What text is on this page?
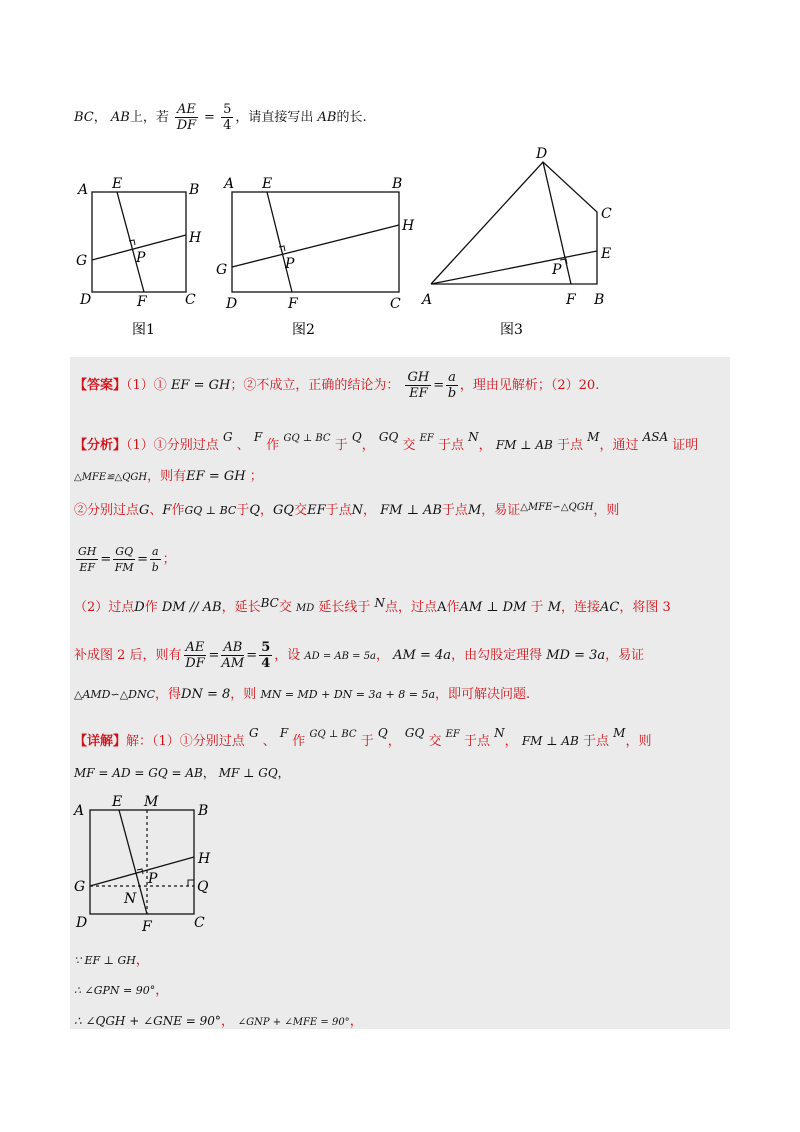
BC， AB上，若 $\frac{AE}{DF} = \frac{5}{4}$ ，请直接写出 AB的长.
A E	B
G
H
P
D	F	C
图1
A E	B
G
H
P
D	F	C
图2
D
C
E
P
A	F B
图3
【答案】（1）① EF = GH；②不成立，正确的结论为： $\frac{GH}{EF} = \frac{a}{b}$ ，理由见解析；（2）20.
【分析】（1）①分别过点 G 、 F 作 $^{GQ \perp BC}$ 于 Q， GQ 交 $^{EF}$ 于点 N， FM ⊥ AB 于点 M，通过 ASA 证明
△MFE≌△QGH，则有EF = GH ；
②分别过点G、F作GQ ⊥ BC于Q，GQ交EF于点N， FM ⊥ AB于点M，易证$^{\triangle MFE∽\triangle QGH}$，则
$\frac{GH}{EF} = \frac{GQ}{FM} = \frac{a}{b}$ ；
（2）过点D作 DM // AB，延长BC交 MD 延长线于 N点，过点A作AM ⊥ DM 于 M，连接AC，将图 3
补成图 2 后，则有 $\frac{AE}{DF} = \frac{AB}{AM} = \frac{5}{4}$ ，设 AD = AB = 5a， AM = 4a，由勾股定理得 MD = 3a，易证
△AMD∽△DNC，得DN = 8，则 MN = MD + DN = 3a + 8 = 5a，即可解决问题.
【详解】解：（1）①分别过点 G 、 F 作 $^{GQ \perp BC}$ 于 Q， GQ 交 $^{EF}$ 于点 N， FM ⊥ AB 于点 M，则
MF = AD = GQ = AB， MF ⊥ GQ，
A
E M
B
H
P	Q
G
N
D	F	C
∵ EF ⊥ GH，
∴ ∠GPN = 90°，
∴ ∠QGH + ∠GNE = 90°， ∠GNP + ∠MFE = 90°，
